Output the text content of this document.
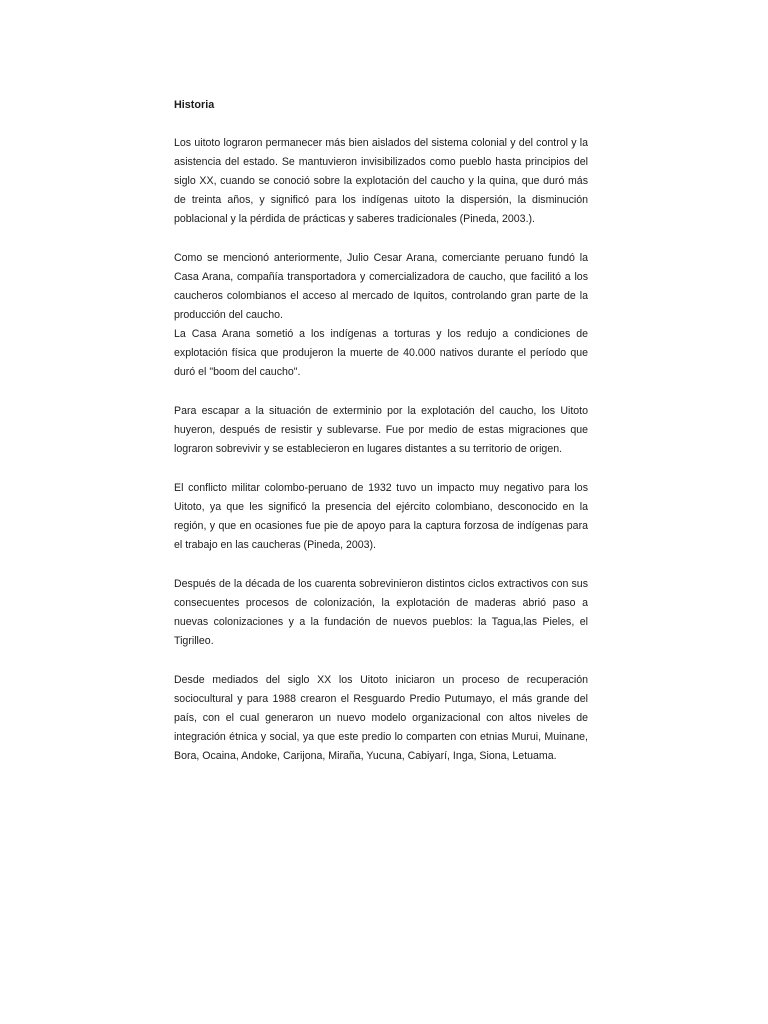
Historia

Los uitoto lograron permanecer más bien aislados del sistema colonial y del control y la asistencia del estado. Se mantuvieron invisibilizados como pueblo hasta principios del siglo XX, cuando se conoció sobre la explotación del caucho y la quina, que duró más de treinta años, y significó para los indígenas uitoto la dispersión, la disminución poblacional y la pérdida de prácticas y saberes tradicionales (Pineda, 2003.).

Como se mencionó anteriormente, Julio Cesar Arana, comerciante peruano fundó la Casa Arana, compañía transportadora y comercializadora de caucho, que facilitó a los caucheros colombianos el acceso al mercado de Iquitos, controlando gran parte de la producción del caucho.

La Casa Arana sometió a los indígenas a torturas y los redujo a condiciones de explotación física que produjeron la muerte de 40.000 nativos durante el período que duró el "boom del caucho".

Para escapar a la situación de exterminio por la explotación del caucho, los Uitoto huyeron, después de resistir y sublevarse. Fue por medio de estas migraciones que lograron sobrevivir y se establecieron en lugares distantes a su territorio de origen.

El conflicto militar colombo-peruano de 1932 tuvo un impacto muy negativo para los Uitoto, ya que les significó la presencia del ejército colombiano, desconocido en la región, y que en ocasiones fue pie de apoyo para la captura forzosa de indígenas para el trabajo en las caucheras (Pineda, 2003).

Después de la década de los cuarenta sobrevinieron distintos ciclos extractivos con sus consecuentes procesos de colonización, la explotación de maderas abrió paso a nuevas colonizaciones y a la fundación de nuevos pueblos: la Tagua,las Pieles, el Tigrilleo.

Desde mediados del siglo XX los Uitoto iniciaron un proceso de recuperación sociocultural y para 1988 crearon el Resguardo Predio Putumayo, el más grande del país, con el cual generaron un nuevo modelo organizacional con altos niveles de integración étnica y social, ya que este predio lo comparten con etnias Murui, Muinane, Bora, Ocaina, Andoke, Carijona, Miraña, Yucuna, Cabiyarí, Inga, Siona, Letuama.
